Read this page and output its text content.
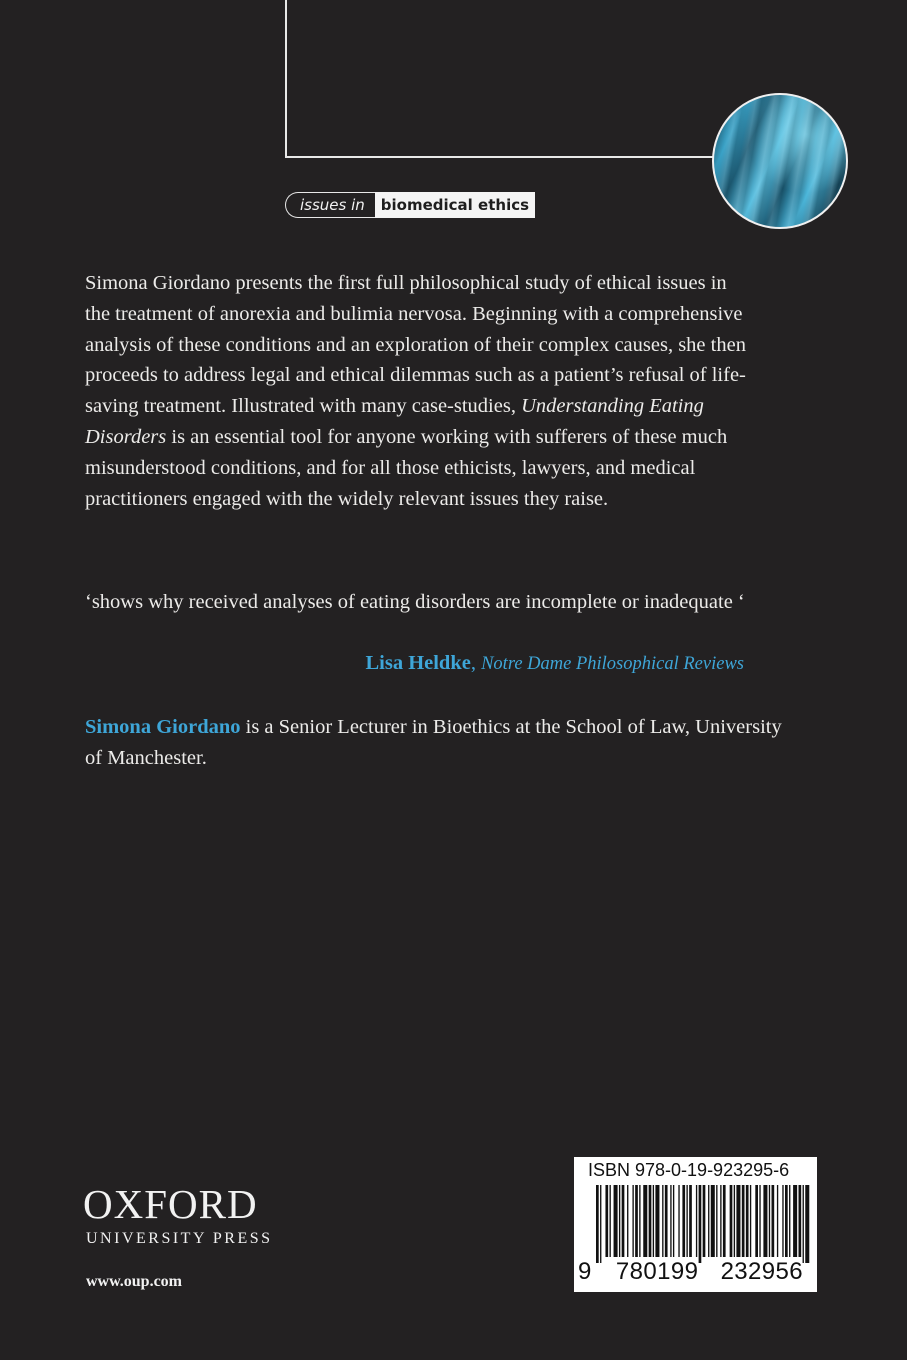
issues in	biomedical ethics

Simona Giordano presents the first full philosophical study of ethical issues in the treatment of anorexia and bulimia nervosa. Beginning with a comprehensive analysis of these conditions and an exploration of their complex causes, she then proceeds to address legal and ethical dilemmas such as a patient’s refusal of life-saving treatment. Illustrated with many case-studies, Understanding Eating Disorders is an essential tool for anyone working with sufferers of these much misunderstood conditions, and for all those ethicists, lawyers, and medical practitioners engaged with the widely relevant issues they raise.

‘shows why received analyses of eating disorders are incomplete or inadequate ‘

Lisa Heldke, Notre Dame Philosophical Reviews

Simona Giordano is a Senior Lecturer in Bioethics at the School of Law, University of Manchester.

OXFORD
UNIVERSITY PRESS
www.oup.com
ISBN 978-0-19-923295-6
9 780199 232956
